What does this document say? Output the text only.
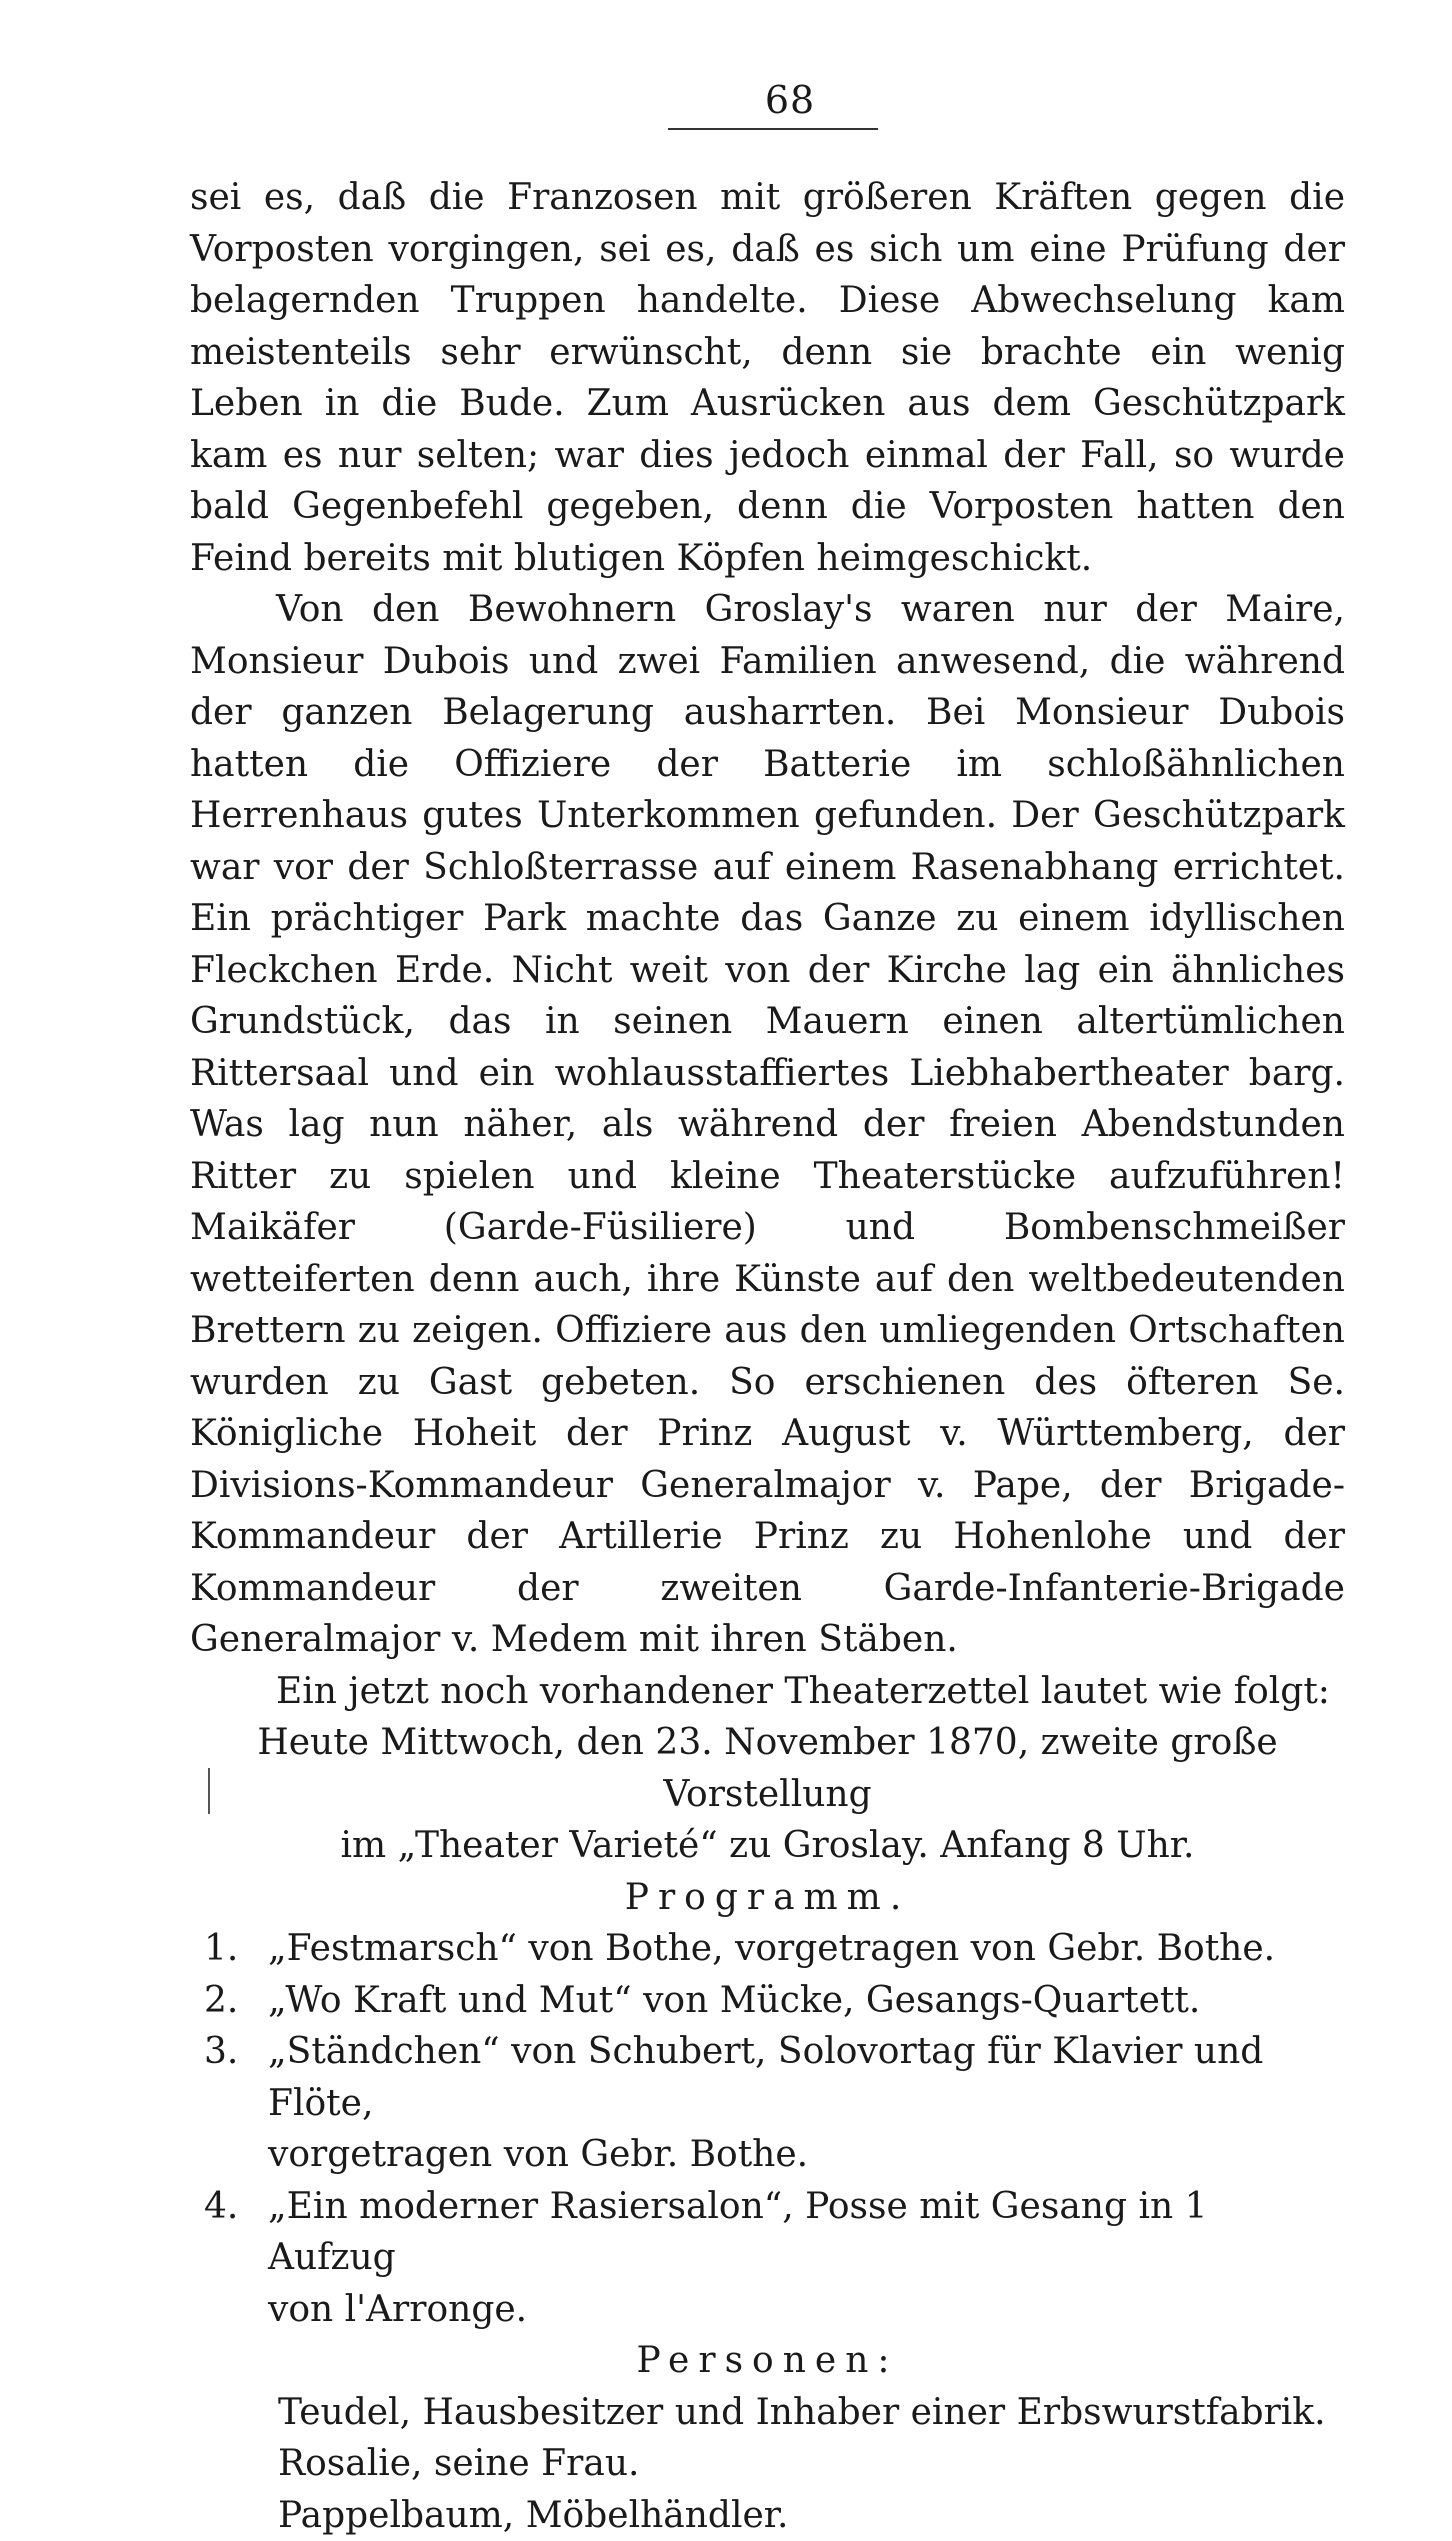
68

sei es, daß die Franzosen mit größeren Kräften gegen die Vorposten vorgingen, sei es, daß es sich um eine Prüfung der belagernden Truppen handelte. Diese Abwechselung kam meistenteils sehr erwünscht, denn sie brachte ein wenig Leben in die Bude. Zum Ausrücken aus dem Geschützpark kam es nur selten; war dies jedoch einmal der Fall, so wurde bald Gegenbefehl gegeben, denn die Vorposten hatten den Feind bereits mit blutigen Köpfen heimgeschickt.

Von den Bewohnern Groslay's waren nur der Maire, Monsieur Dubois und zwei Familien anwesend, die während der ganzen Belagerung ausharrten. Bei Monsieur Dubois hatten die Offiziere der Batterie im schloßähnlichen Herrenhaus gutes Unterkommen gefunden. Der Geschützpark war vor der Schloßterrasse auf einem Rasenabhang errichtet. Ein prächtiger Park machte das Ganze zu einem idyllischen Fleckchen Erde. Nicht weit von der Kirche lag ein ähnliches Grundstück, das in seinen Mauern einen altertümlichen Rittersaal und ein wohlausstaffiertes Liebhabertheater barg. Was lag nun näher, als während der freien Abendstunden Ritter zu spielen und kleine Theaterstücke aufzuführen! Maikäfer (Garde-Füsiliere) und Bombenschmeißer wetteiferten denn auch, ihre Künste auf den weltbedeutenden Brettern zu zeigen. Offiziere aus den umliegenden Ortschaften wurden zu Gast gebeten. So erschienen des öfteren Se. Königliche Hoheit der Prinz August v. Württemberg, der Divisions-Kommandeur Generalmajor v. Pape, der Brigade-Kommandeur der Artillerie Prinz zu Hohenlohe und der Kommandeur der zweiten Garde-Infanterie-Brigade Generalmajor v. Medem mit ihren Stäben.

Ein jetzt noch vorhandener Theaterzettel lautet wie folgt:

Heute Mittwoch, den 23. November 1870, zweite große Vorstellung

im „Theater Varieté“ zu Groslay. Anfang 8 Uhr.

Programm.

1. „Festmarsch“ von Bothe, vorgetragen von Gebr. Bothe.
2. „Wo Kraft und Mut“ von Mücke, Gesangs-Quartett.
3. „Ständchen“ von Schubert, Solovortag für Klavier und Flöte,
vorgetragen von Gebr. Bothe.
4. „Ein moderner Rasiersalon“, Posse mit Gesang in 1 Aufzug
von l'Arronge.

Personen:

Teudel, Hausbesitzer und Inhaber einer Erbswurstfabrik.
Rosalie, seine Frau.
Pappelbaum, Möbelhändler.
